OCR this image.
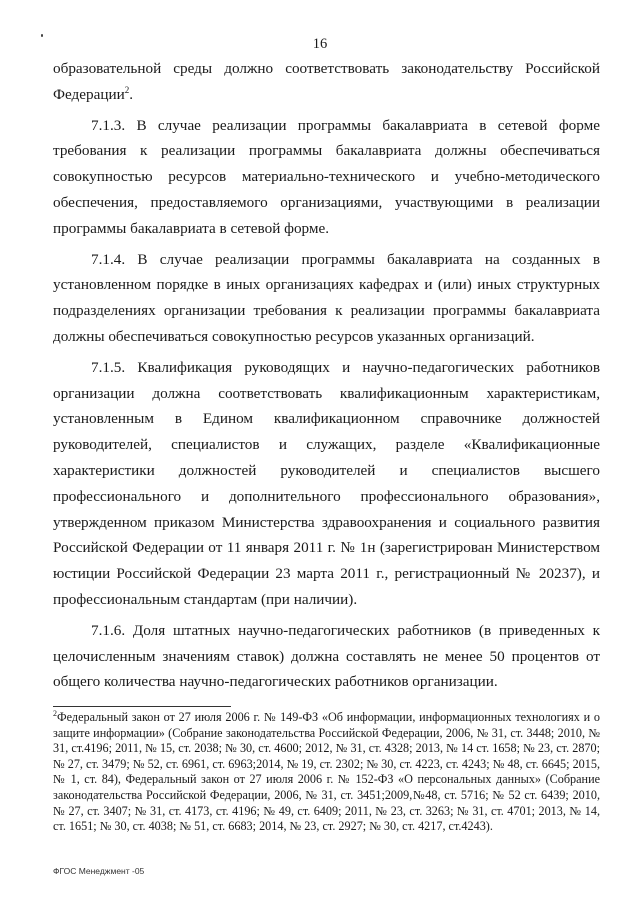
16

образовательной среды должно соответствовать законодательству Российской Федерации$^2$.

7.1.3. В случае реализации программы бакалавриата в сетевой форме требования к реализации программы бакалавриата должны обеспечиваться совокупностью ресурсов материально-технического и учебно-методического обеспечения, предоставляемого организациями, участвующими в реализации программы бакалавриата в сетевой форме.

7.1.4. В случае реализации программы бакалавриата на созданных в установленном порядке в иных организациях кафедрах и (или) иных структурных подразделениях организации требования к реализации программы бакалавриата должны обеспечиваться совокупностью ресурсов указанных организаций.

7.1.5. Квалификация руководящих и научно-педагогических работников организации должна соответствовать квалификационным характеристикам, установленным в Едином квалификационном справочнике должностей руководителей, специалистов и служащих, разделе «Квалификационные характеристики должностей руководителей и специалистов высшего профессионального и дополнительного профессионального образования», утвержденном приказом Министерства здравоохранения и социального развития Российской Федерации от 11 января 2011 г. № 1н (зарегистрирован Министерством юстиции Российской Федерации 23 марта 2011 г., регистрационный № 20237), и профессиональным стандартам (при наличии).

7.1.6. Доля штатных научно-педагогических работников (в приведенных к целочисленным значениям ставок) должна составлять не менее 50 процентов от общего количества научно-педагогических работников организации.

$^2$Федеральный закон от 27 июля 2006 г. № 149-ФЗ «Об информации, информационных технологиях и о защите информации» (Собрание законодательства Российской Федерации, 2006, № 31, ст. 3448; 2010, № 31, ст.4196; 2011, № 15, ст. 2038; № 30, ст. 4600; 2012, № 31, ст. 4328; 2013, № 14 ст. 1658; № 23, ст. 2870; № 27, ст. 3479; № 52, ст. 6961, ст. 6963;2014, № 19, ст. 2302; № 30, ст. 4223, ст. 4243; № 48, ст. 6645; 2015, № 1, ст. 84), Федеральный закон от 27 июля 2006 г. № 152-ФЗ «О персональных данных» (Собрание законодательства Российской Федерации, 2006, № 31, ст. 3451;2009,№48, ст. 5716; № 52 ст. 6439; 2010, № 27, ст. 3407; № 31, ст. 4173, ст. 4196; № 49, ст. 6409; 2011, № 23, ст. 3263; № 31, ст. 4701; 2013, № 14, ст. 1651; № 30, ст. 4038; № 51, ст. 6683; 2014, № 23, ст. 2927; № 30, ст. 4217, ст.4243).

ФГОС Менеджмент -05
